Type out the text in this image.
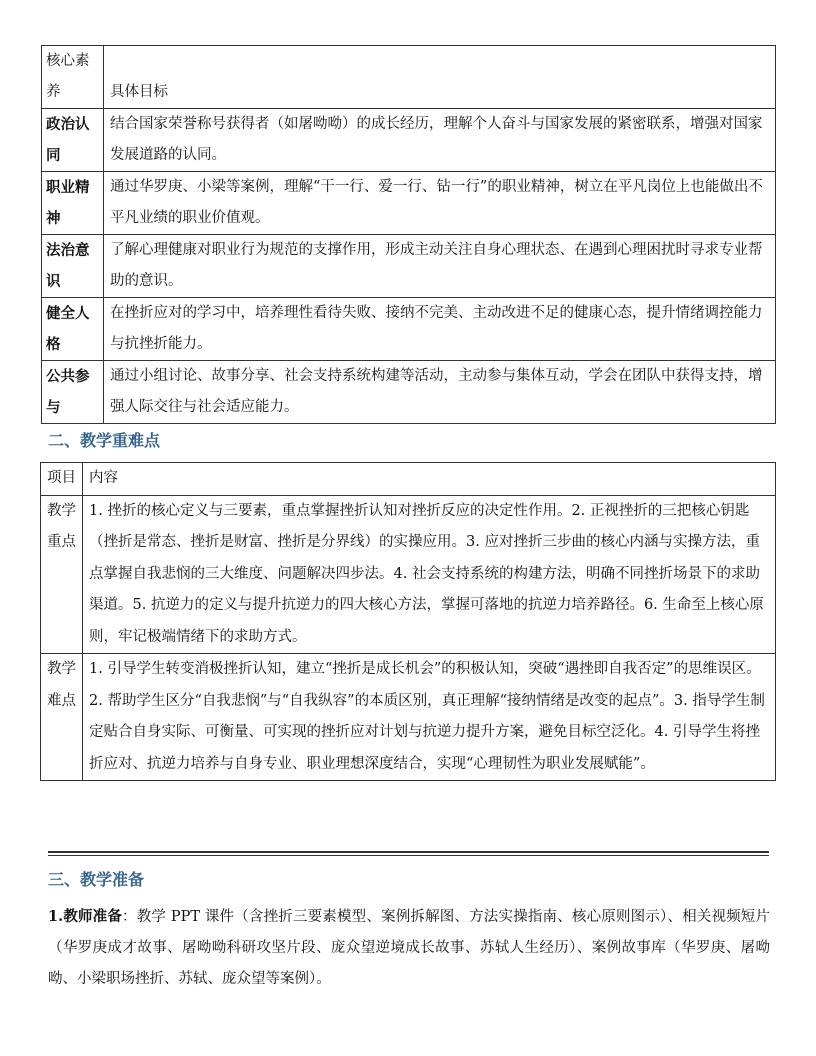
核心素养	具体目标
政治认同	结合国家荣誉称号获得者（如屠呦呦）的成长经历，理解个人奋斗与国家发展的紧密联系，增强对国家发展道路的认同。
职业精神	通过华罗庚、小梁等案例，理解“干一行、爱一行、钻一行”的职业精神，树立在平凡岗位上也能做出不平凡业绩的职业价值观。
法治意识	了解心理健康对职业行为规范的支撑作用，形成主动关注自身心理状态、在遇到心理困扰时寻求专业帮助的意识。
健全人格	在挫折应对的学习中，培养理性看待失败、接纳不完美、主动改进不足的健康心态，提升情绪调控能力与抗挫折能力。
公共参与	通过小组讨论、故事分享、社会支持系统构建等活动，主动参与集体互动，学会在团队中获得支持，增强人际交往与社会适应能力。
二、教学重难点
项目	内容
教学重点	1. 挫折的核心定义与三要素，重点掌握挫折认知对挫折反应的决定性作用。2. 正视挫折的三把核心钥匙（挫折是常态、挫折是财富、挫折是分界线）的实操应用。3. 应对挫折三步曲的核心内涵与实操方法，重点掌握自我悲悯的三大维度、问题解决四步法。4. 社会支持系统的构建方法，明确不同挫折场景下的求助渠道。5. 抗逆力的定义与提升抗逆力的四大核心方法，掌握可落地的抗逆力培养路径。6. 生命至上核心原则，牢记极端情绪下的求助方式。
教学难点	1. 引导学生转变消极挫折认知，建立“挫折是成长机会”的积极认知，突破“遇挫即自我否定”的思维误区。2. 帮助学生区分“自我悲悯”与“自我纵容”的本质区别，真正理解“接纳情绪是改变的起点”。3. 指导学生制定贴合自身实际、可衡量、可实现的挫折应对计划与抗逆力提升方案，避免目标空泛化。4. 引导学生将挫折应对、抗逆力培养与自身专业、职业理想深度结合，实现“心理韧性为职业发展赋能”。
三、教学准备
1.教师准备：教学 PPT 课件（含挫折三要素模型、案例拆解图、方法实操指南、核心原则图示）、相关视频短片（华罗庚成才故事、屠呦呦科研攻坚片段、庞众望逆境成长故事、苏轼人生经历）、案例故事库（华罗庚、屠呦呦、小梁职场挫折、苏轼、庞众望等案例）。
